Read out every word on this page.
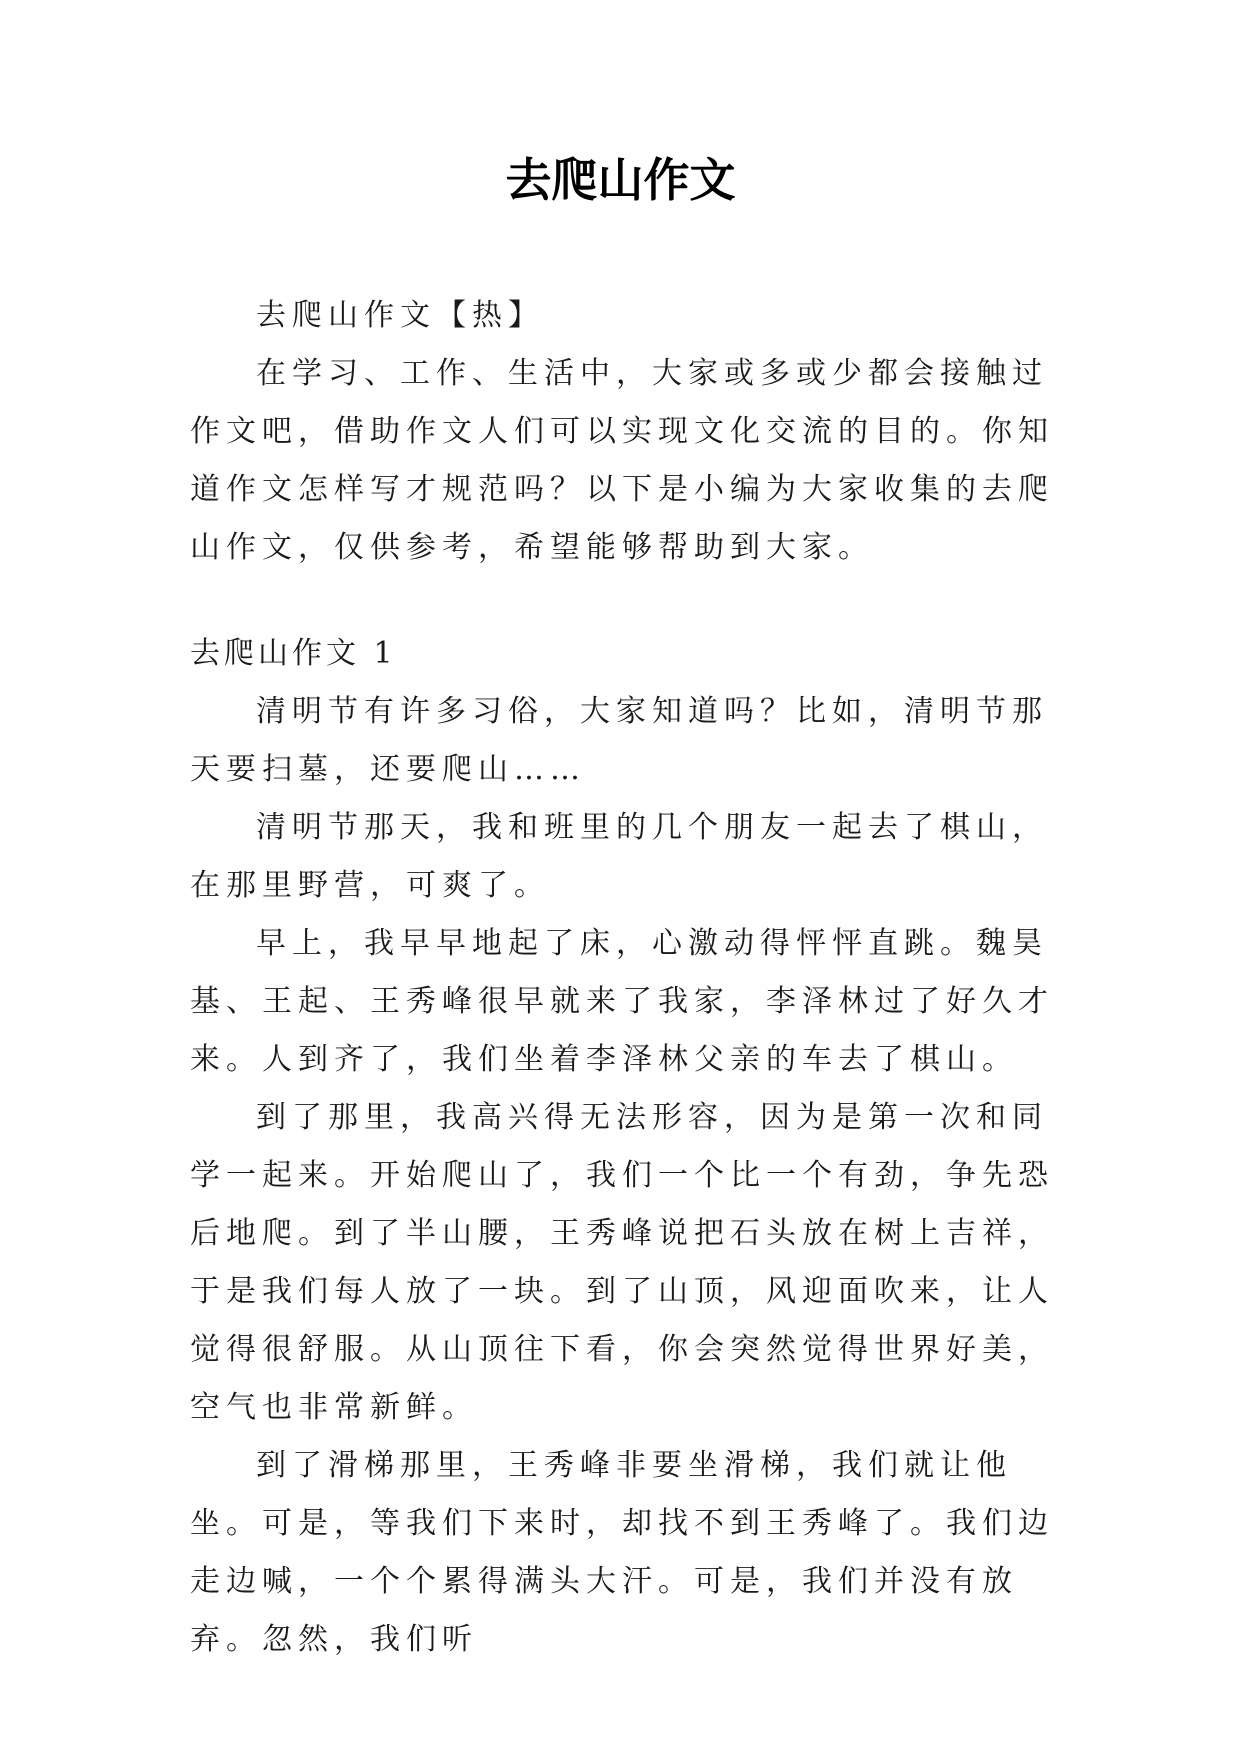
去爬山作文

去爬山作文【热】

在学习、工作、生活中，大家或多或少都会接触过作文吧，借助作文人们可以实现文化交流的目的。你知道作文怎样写才规范吗？以下是小编为大家收集的去爬山作文，仅供参考，希望能够帮助到大家。

去爬山作文 1

清明节有许多习俗，大家知道吗？比如，清明节那天要扫墓，还要爬山……

清明节那天，我和班里的几个朋友一起去了棋山，在那里野营，可爽了。

早上，我早早地起了床，心激动得怦怦直跳。魏昊基、王起、王秀峰很早就来了我家，李泽林过了好久才来。人到齐了，我们坐着李泽林父亲的车去了棋山。

到了那里，我高兴得无法形容，因为是第一次和同学一起来。开始爬山了，我们一个比一个有劲，争先恐后地爬。到了半山腰，王秀峰说把石头放在树上吉祥，于是我们每人放了一块。到了山顶，风迎面吹来，让人觉得很舒服。从山顶往下看，你会突然觉得世界好美，空气也非常新鲜。

到了滑梯那里，王秀峰非要坐滑梯，我们就让他坐。可是，等我们下来时，却找不到王秀峰了。我们边走边喊，一个个累得满头大汗。可是，我们并没有放弃。忽然，我们听
